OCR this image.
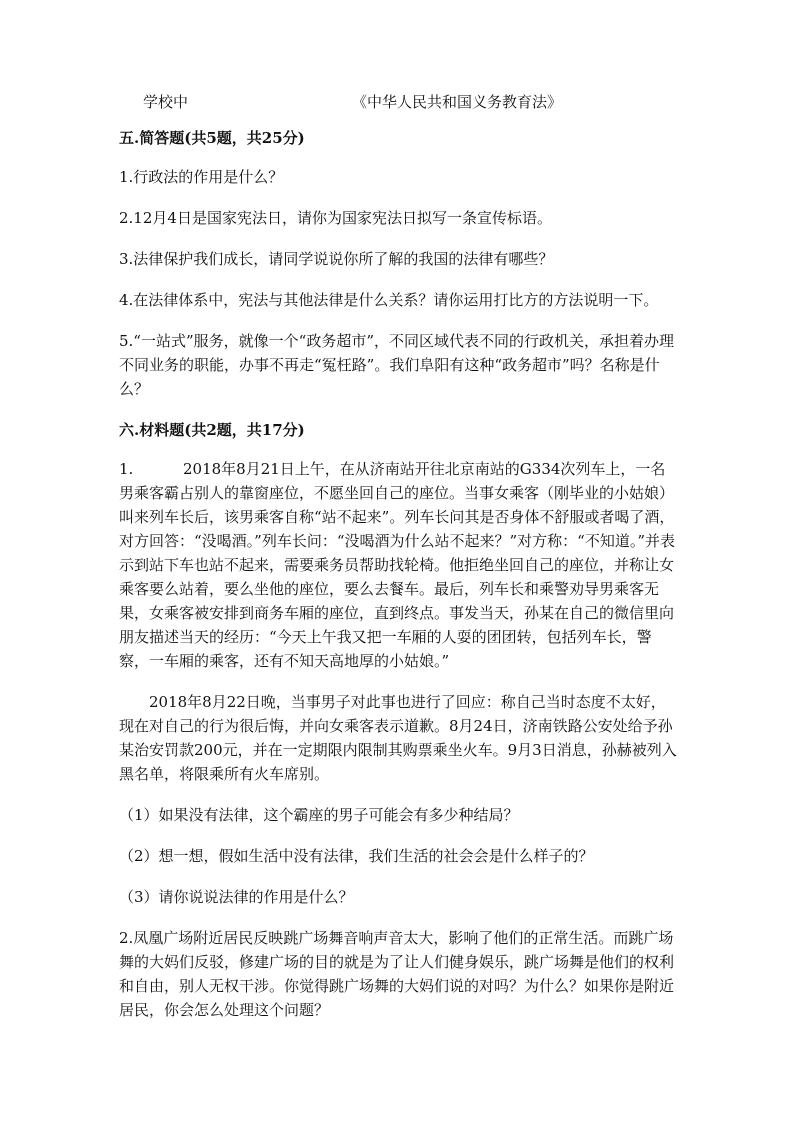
学校中	《中华人民共和国义务教育法》

五.简答题(共5题，共25分)

1.行政法的作用是什么？

2.12月4日是国家宪法日，请你为国家宪法日拟写一条宣传标语。

3.法律保护我们成长，请同学说说你所了解的我国的法律有哪些？

4.在法律体系中，宪法与其他法律是什么关系？请你运用打比方的方法说明一下。

5.“一站式”服务，就像一个“政务超市”，不同区域代表不同的行政机关，承担着办理不同业务的职能，办事不再走“冤枉路”。我们阜阳有这种“政务超市”吗？名称是什么？

六.材料题(共2题，共17分)

1.	2018年8月21日上午，在从济南站开往北京南站的G334次列车上，一名男乘客霸占别人的靠窗座位，不愿坐回自己的座位。当事女乘客（刚毕业的小姑娘）叫来列车长后，该男乘客自称“站不起来”。列车长问其是否身体不舒服或者喝了酒，对方回答：“没喝酒。”列车长问：“没喝酒为什么站不起来？”对方称：“不知道。”并表示到站下车也站不起来，需要乘务员帮助找轮椅。他拒绝坐回自己的座位，并称让女乘客要么站着，要么坐他的座位，要么去餐车。最后，列车长和乘警劝导男乘客无果，女乘客被安排到商务车厢的座位，直到终点。事发当天，孙某在自己的微信里向朋友描述当天的经历：“今天上午我又把一车厢的人耍的团团转，包括列车长，警察，一车厢的乘客，还有不知天高地厚的小姑娘。”

2018年8月22日晚，当事男子对此事也进行了回应：称自己当时态度不太好，现在对自己的行为很后悔，并向女乘客表示道歉。8月24日，济南铁路公安处给予孙某治安罚款200元，并在一定期限内限制其购票乘坐火车。9月3日消息，孙赫被列入黑名单，将限乘所有火车席别。

（1）如果没有法律，这个霸座的男子可能会有多少种结局？

（2）想一想，假如生活中没有法律，我们生活的社会会是什么样子的？

（3）请你说说法律的作用是什么？

2.凤凰广场附近居民反映跳广场舞音响声音太大，影响了他们的正常生活。而跳广场舞的大妈们反驳，修建广场的目的就是为了让人们健身娱乐，跳广场舞是他们的权利和自由，别人无权干涉。你觉得跳广场舞的大妈们说的对吗？为什么？如果你是附近居民，你会怎么处理这个问题？
